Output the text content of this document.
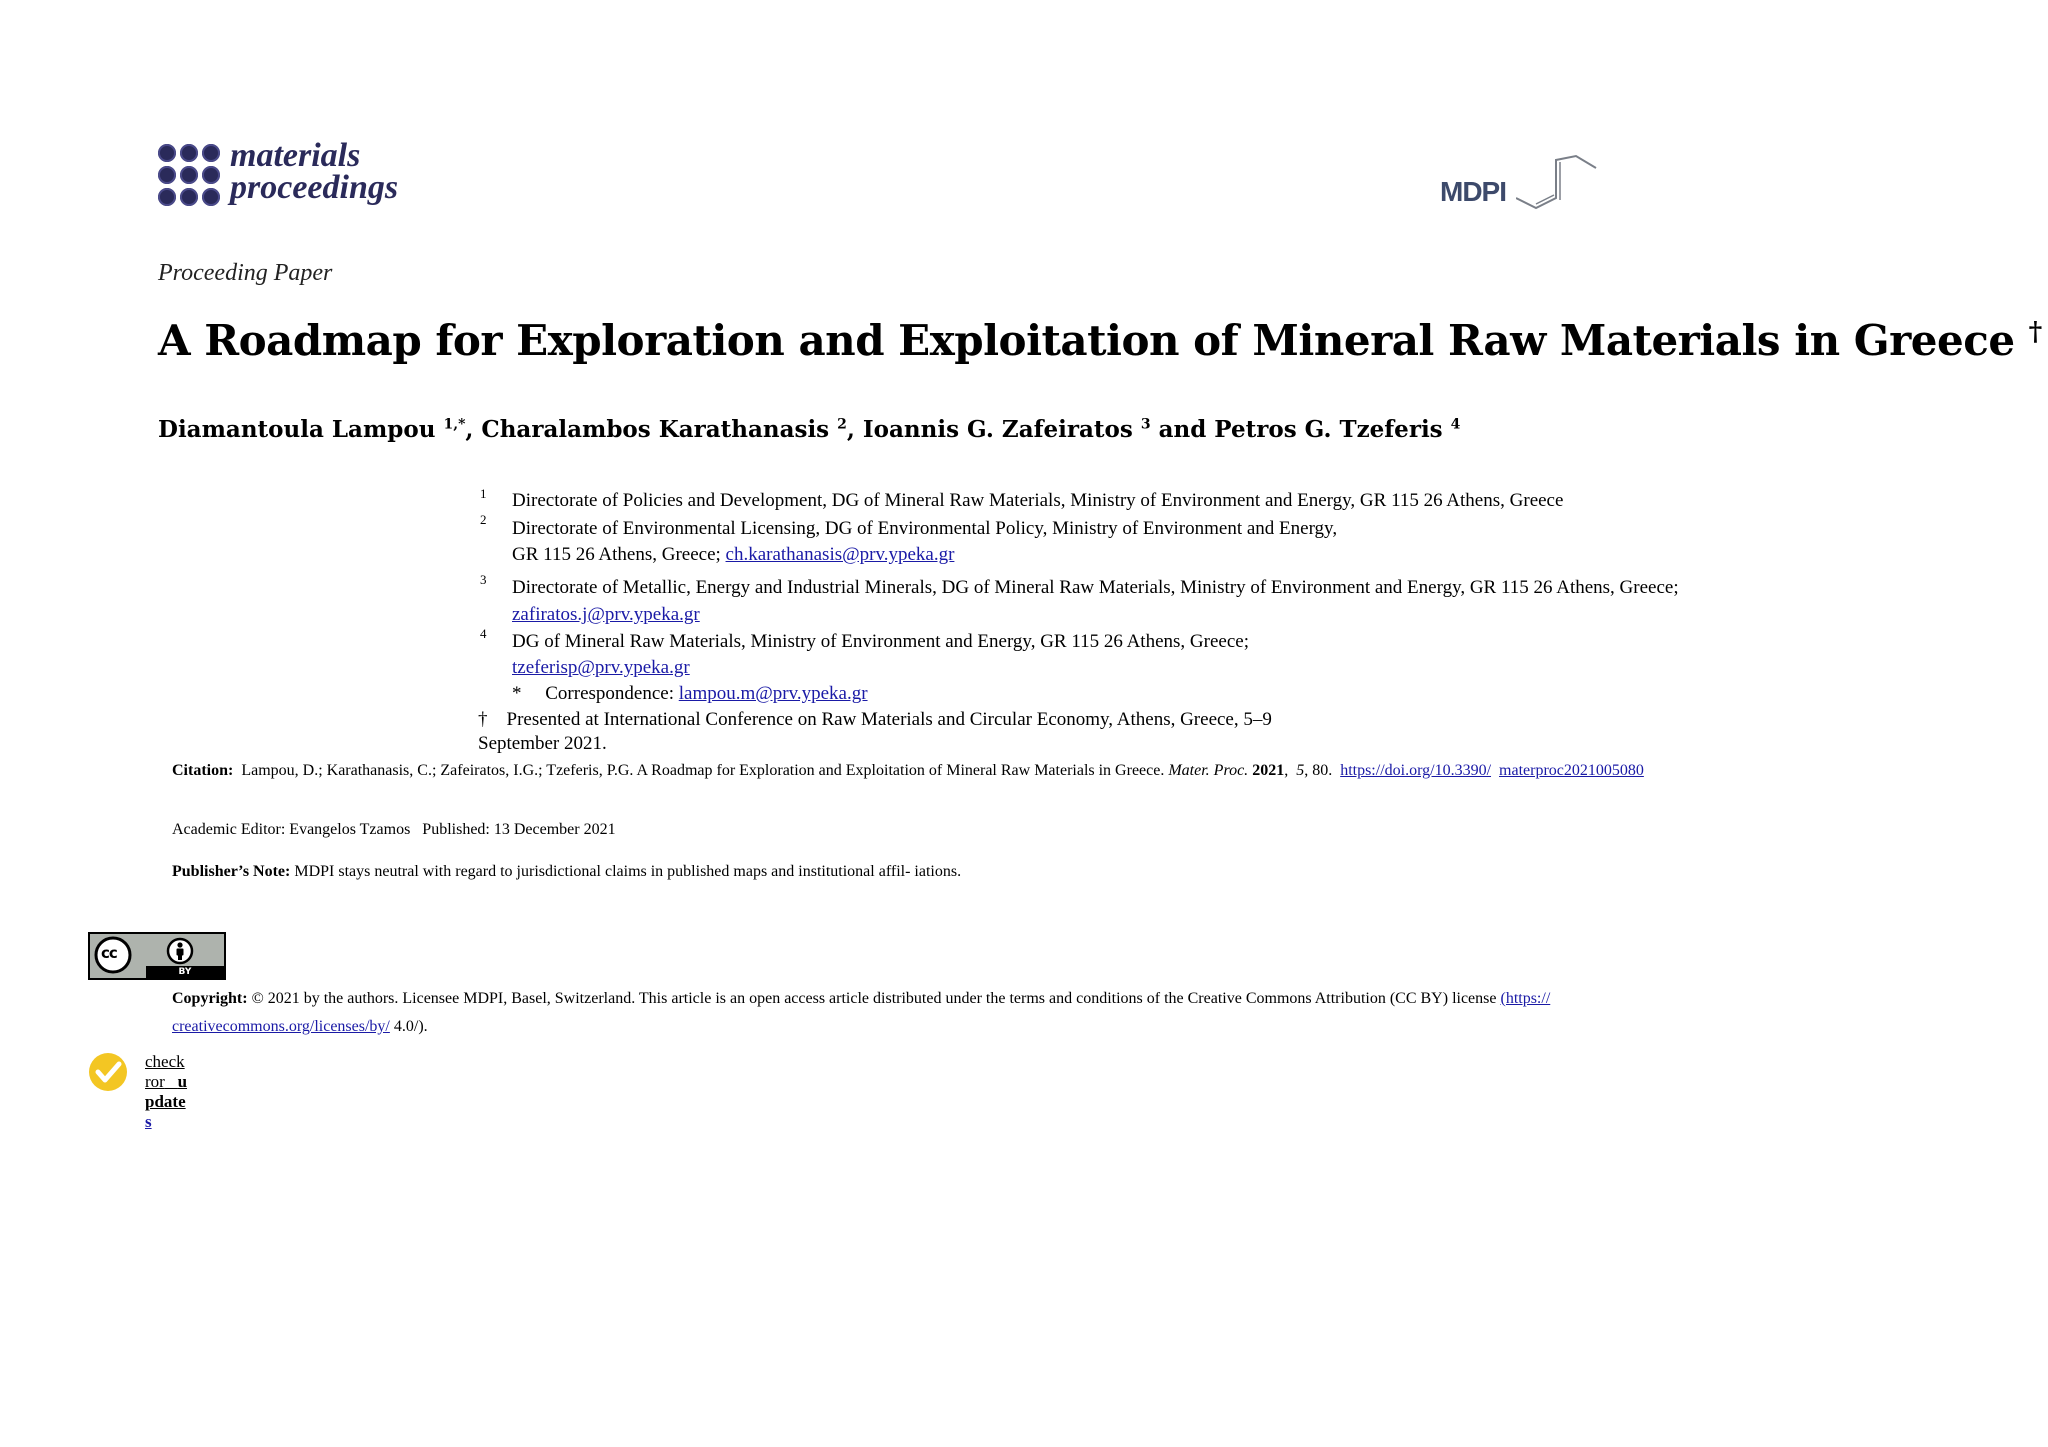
materials
proceedings	MDPI
Proceeding Paper
A Roadmap for Exploration and Exploitation of Mineral Raw Materials in Greece †
Diamantoula Lampou $^{1,*}$, Charalambos Karathanasis $^2$, Ioannis G. Zafeiratos $^3$ and Petros G. Tzeferis $^4$
1 Directorate of Policies and Development, DG of Mineral Raw Materials, Ministry of Environment and Energy, GR 115 26 Athens, Greece
2 Directorate of Environmental Licensing, DG of Environmental Policy, Ministry of Environment and Energy,
GR 115 26 Athens, Greece; ch.karathanasis@prv.ypeka.gr
3 Directorate of Metallic, Energy and Industrial Minerals, DG of Mineral Raw Materials, Ministry of Environment and Energy, GR 115 26 Athens, Greece;
zafiratos.j@prv.ypeka.gr
4 DG of Mineral Raw Materials, Ministry of Environment and Energy, GR 115 26 Athens, Greece;
tzeferisp@prv.ypeka.gr
* Correspondence: lampou.m@prv.ypeka.gr
† Presented at International Conference on Raw Materials and Circular Economy, Athens, Greece, 5–9
September 2021.
Citation: Lampou, D.; Karathanasis, C.; Zafeiratos, I.G.; Tzeferis, P.G. A Roadmap for Exploration and Exploitation of Mineral Raw Materials in Greece. Mater. Proc. 2021,  5, 80. https://doi.org/10.3390/ materproc2021005080
Academic Editor: Evangelos Tzamos Published: 13 December 2021
Publisher’s Note: MDPI stays neutral with regard to jurisdictional claims in published maps and institutional affil- iations.
cc
BY
Copyright: © 2021 by the authors. Licensee MDPI, Basel, Switzerland. This article is an open access article distributed under the terms and conditions of the Creative Commons Attribution (CC BY) license (https://
creativecommons.org/licenses/by/ 4.0/).
check
ror u
pdate
s
